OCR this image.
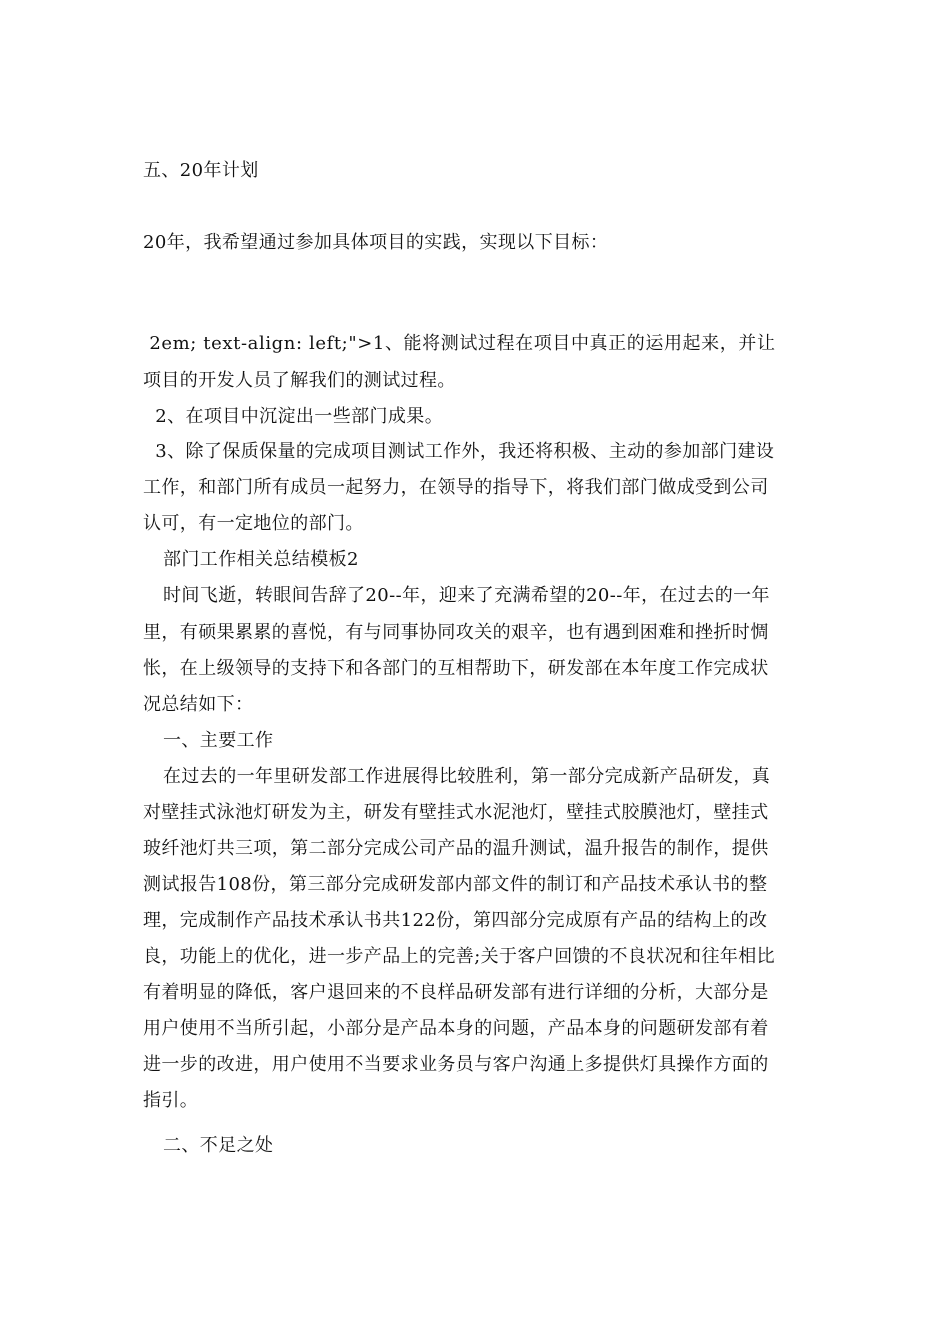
五、20年计划
20年，我希望通过参加具体项目的实践，实现以下目标：
2em; text-align: left;">1、能将测试过程在项目中真正的运用起来，并让
项目的开发人员了解我们的测试过程。
2、在项目中沉淀出一些部门成果。
3、除了保质保量的完成项目测试工作外，我还将积极、主动的参加部门建设
工作，和部门所有成员一起努力，在领导的指导下，将我们部门做成受到公司
认可，有一定地位的部门。
部门工作相关总结模板2
时间飞逝，转眼间告辞了20--年，迎来了充满希望的20--年，在过去的一年
里，有硕果累累的喜悦，有与同事协同攻关的艰辛，也有遇到困难和挫折时惆
怅，在上级领导的支持下和各部门的互相帮助下，研发部在本年度工作完成状
况总结如下：
一、主要工作
在过去的一年里研发部工作进展得比较胜利，第一部分完成新产品研发，真
对壁挂式泳池灯研发为主，研发有壁挂式水泥池灯，壁挂式胶膜池灯，壁挂式
玻纤池灯共三项，第二部分完成公司产品的温升测试，温升报告的制作，提供
测试报告108份，第三部分完成研发部内部文件的制订和产品技术承认书的整
理，完成制作产品技术承认书共122份，第四部分完成原有产品的结构上的改
良，功能上的优化，进一步产品上的完善;关于客户回馈的不良状况和往年相比
有着明显的降低，客户退回来的不良样品研发部有进行详细的分析，大部分是
用户使用不当所引起，小部分是产品本身的问题，产品本身的问题研发部有着
进一步的改进，用户使用不当要求业务员与客户沟通上多提供灯具操作方面的
指引。
二、不足之处
